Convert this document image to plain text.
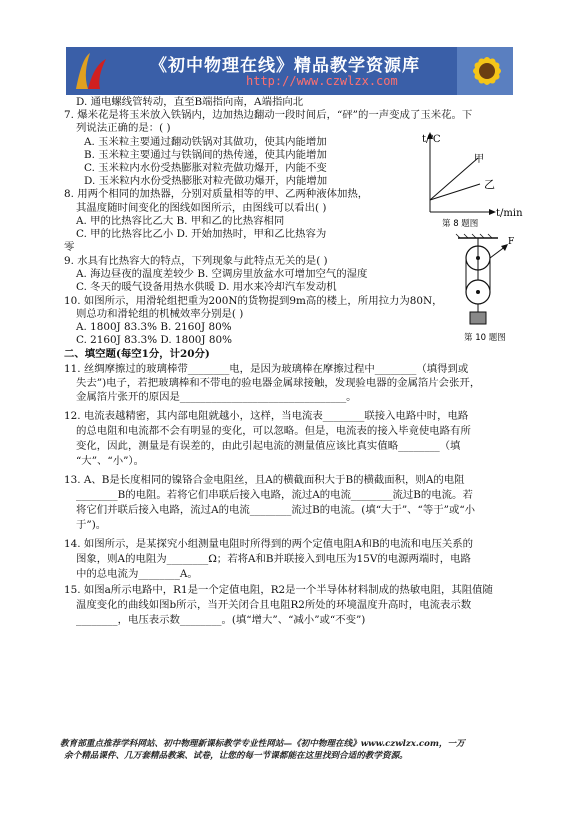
《初中物理在线》精品教学资源库
http://www.czwlzx.com
D. 通电螺线管转动，直至B端指向南，A端指向北
7. 爆米花是将玉米放入铁锅内，边加热边翻动一段时间后，“砰”的一声变成了玉米花。下
列说法正确的是：( )
A. 玉米粒主要通过翻动铁锅对其做功，使其内能增加
B. 玉米粒主要通过与铁锅间的热传递，使其内能增加
C. 玉米粒内水份受热膨胀对粒壳做功爆开，内能不变
D. 玉米粒内水份受热膨胀对粒壳做功爆开，内能增加
8. 用两个相同的加热器，分别对质量相等的甲、乙两种液体加热，
其温度随时间变化的图线如图所示，由图线可以看出( )
A. 甲的比热容比乙大 B. 甲和乙的比热容相同
C. 甲的比热容比乙小 D. 开始加热时，甲和乙比热容为
零
9. 水具有比热容大的特点，下列现象与此特点无关的是( )
A. 海边昼夜的温度差较少 B. 空调房里放盆水可增加空气的湿度
C. 冬天的暖气设备用热水供暖 D. 用水来冷却汽车发动机
10. 如图所示，用滑轮组把重为200N的货物提到9m高的楼上，所用拉力为80N，
则总功和滑轮组的机械效率分别是( )
A. 1800J 83.3% B. 2160J 80%
C. 2160J 83.3% D. 1800J 80%
二、填空题(每空1分，计20分)
11. 丝绸摩擦过的玻璃棒带________电，是因为玻璃棒在摩擦过程中________（填得到或
失去”)电子，若把玻璃棒和不带电的验电器金属球接触，发现验电器的金属箔片会张开，
金属箔片张开的原因是________________________________。
12. 电流表越精密，其内部电阻就越小，这样，当电流表________联接入电路中时，电路
的总电阻和电流都不会有明显的变化，可以忽略。但是，电流表的接入毕竟使电路有所
变化，因此，测量是有误差的，由此引起电流的测量值应该比真实值略________（填
“大”、“小”）。
13. A、B是长度相同的镍铬合金电阻丝，且A的横截面积大于B的横截面积，则A的电阻
________B的电阻。若将它们串联后接入电路，流过A的电流________流过B的电流。若
将它们并联后接入电路，流过A的电流________流过B的电流。(填“大于”、“等于”或“小
于”)。
14. 如图所示，是某探究小组测量电阻时所得到的两个定值电阻A和B的电流和电压关系的
图象，则A的电阻为________Ω；若将A和B并联接入到电压为15V的电源两端时，电路
中的总电流为________A。
15. 如图a所示电路中，R1是一个定值电阻，R2是一个半导体材料制成的热敏电阻，其阻值随
温度变化的曲线如图b所示，当开关闭合且电阻R2所处的环境温度升高时，电流表示数
________，电压表示数________。(填“增大”、“减小”或“不变”)
t/℃
t/min
甲
乙
第 8 题图
F
第 10 题图
教育部重点推荐学科网站、初中物理新课标教学专业性网站—《初中物理在线》www.czwlzx.com，一万
余个精品课件、几万套精品教案、试卷，让您的每一节课都能在这里找到合适的教学资源。
